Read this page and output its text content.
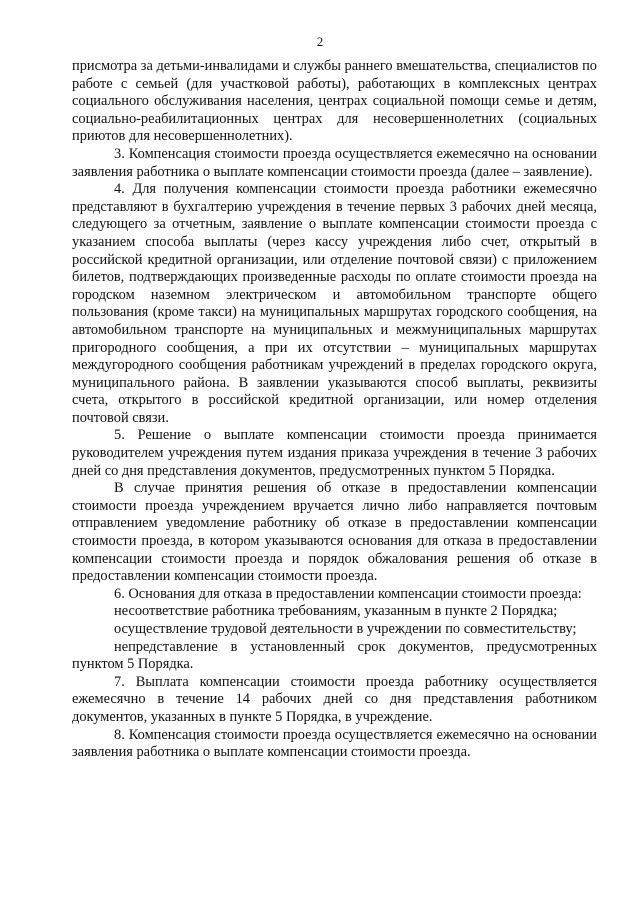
2

присмотра за детьми-инвалидами и службы раннего вмешательства, специалистов по работе с семьей (для участковой работы), работающих в комплексных центрах социального обслуживания населения, центрах социальной помощи семье и детям, социально-реабилитационных центрах для несовершеннолетних (социальных приютов для несовершеннолетних).

3. Компенсация стоимости проезда осуществляется ежемесячно на основании заявления работника о выплате компенсации стоимости проезда (далее – заявление).

4. Для получения компенсации стоимости проезда работники ежемесячно представляют в бухгалтерию учреждения в течение первых 3 рабочих дней месяца, следующего за отчетным, заявление о выплате компенсации стоимости проезда с указанием способа выплаты (через кассу учреждения либо счет, открытый в российской кредитной организации, или отделение почтовой связи) с приложением билетов, подтверждающих произведенные расходы по оплате стоимости проезда на городском наземном электрическом и автомобильном транспорте общего пользования (кроме такси) на муниципальных маршрутах городского сообщения, на автомобильном транспорте на муниципальных и межмуниципальных маршрутах пригородного сообщения, а при их отсутствии – муниципальных маршрутах междугородного сообщения работникам учреждений в пределах городского округа, муниципального района. В заявлении указываются способ выплаты, реквизиты счета, открытого в российской кредитной организации, или номер отделения почтовой связи.

5. Решение о выплате компенсации стоимости проезда принимается руководителем учреждения путем издания приказа учреждения в течение 3 рабочих дней со дня представления документов, предусмотренных пунктом 5 Порядка.

В случае принятия решения об отказе в предоставлении компенсации стоимости проезда учреждением вручается лично либо направляется почтовым отправлением уведомление работнику об отказе в предоставлении компенсации стоимости проезда, в котором указываются основания для отказа в предоставлении компенсации стоимости проезда и порядок обжалования решения об отказе в предоставлении компенсации стоимости проезда.

6. Основания для отказа в предоставлении компенсации стоимости проезда:

несоответствие работника требованиям, указанным в пункте 2 Порядка;

осуществление трудовой деятельности в учреждении по совместительству;

непредставление в установленный срок документов, предусмотренных пунктом 5 Порядка.

7. Выплата компенсации стоимости проезда работнику осуществляется ежемесячно в течение 14 рабочих дней со дня представления работником документов, указанных в пункте 5 Порядка, в учреждение.

8. Компенсация стоимости проезда осуществляется ежемесячно на основании заявления работника о выплате компенсации стоимости проезда.
